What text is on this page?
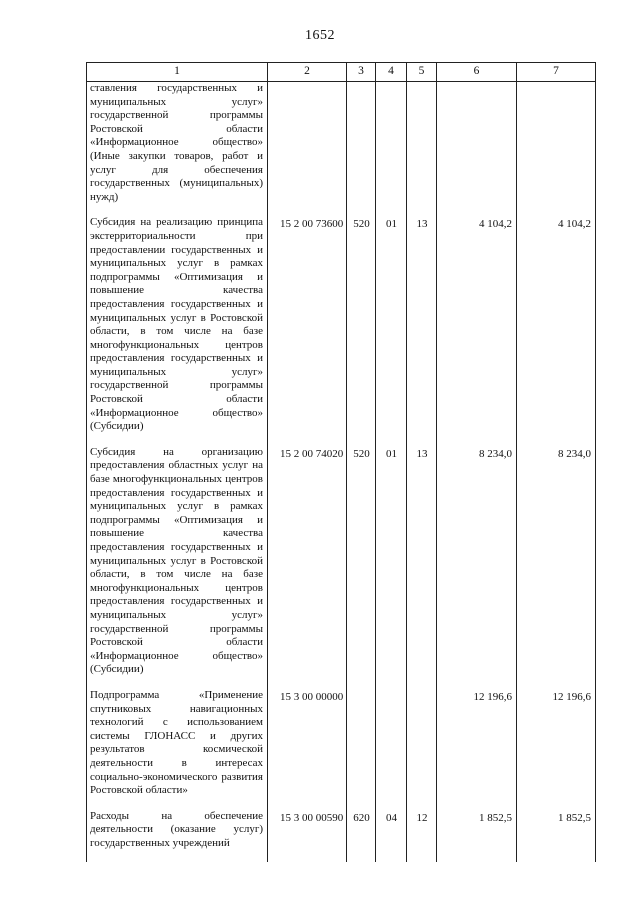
1652
1	2	3	4	5	6	7
ставления государственных и муниципальных услуг» государственной программы Ростовской области «Информационное общество» (Иные закупки товаров, работ и услуг для обеспечения государственных (муниципальных) нужд)						
Субсидия на реализацию принципа экстерриториальности при предоставлении государственных и муниципальных услуг в рамках подпрограммы «Оптимизация и повышение качества предоставления государственных и муниципальных услуг в Ростовской области, в том числе на базе многофункциональных центров предоставления государственных и муниципальных услуг» государственной программы Ростовской области «Информационное общество» (Субсидии)	15 2 00 73600	520	01	13	4 104,2	4 104,2
Субсидия на организацию предоставления областных услуг на базе многофункциональных центров предоставления государственных и муниципальных услуг в рамках подпрограммы «Оптимизация и повышение качества предоставления государственных и муниципальных услуг в Ростовской области, в том числе на базе многофункциональных центров предоставления государственных и муниципальных услуг» государственной программы Ростовской области «Информационное общество» (Субсидии)	15 2 00 74020	520	01	13	8 234,0	8 234,0
Подпрограмма «Применение спутниковых навигационных технологий с использованием системы ГЛОНАСС и других результатов космической деятельности в интересах социально-экономического развития Ростовской области»	15 3 00 00000				12 196,6	12 196,6
Расходы на обеспечение деятельности (оказание услуг) государственных учреждений	15 3 00 00590	620	04	12	1 852,5	1 852,5
